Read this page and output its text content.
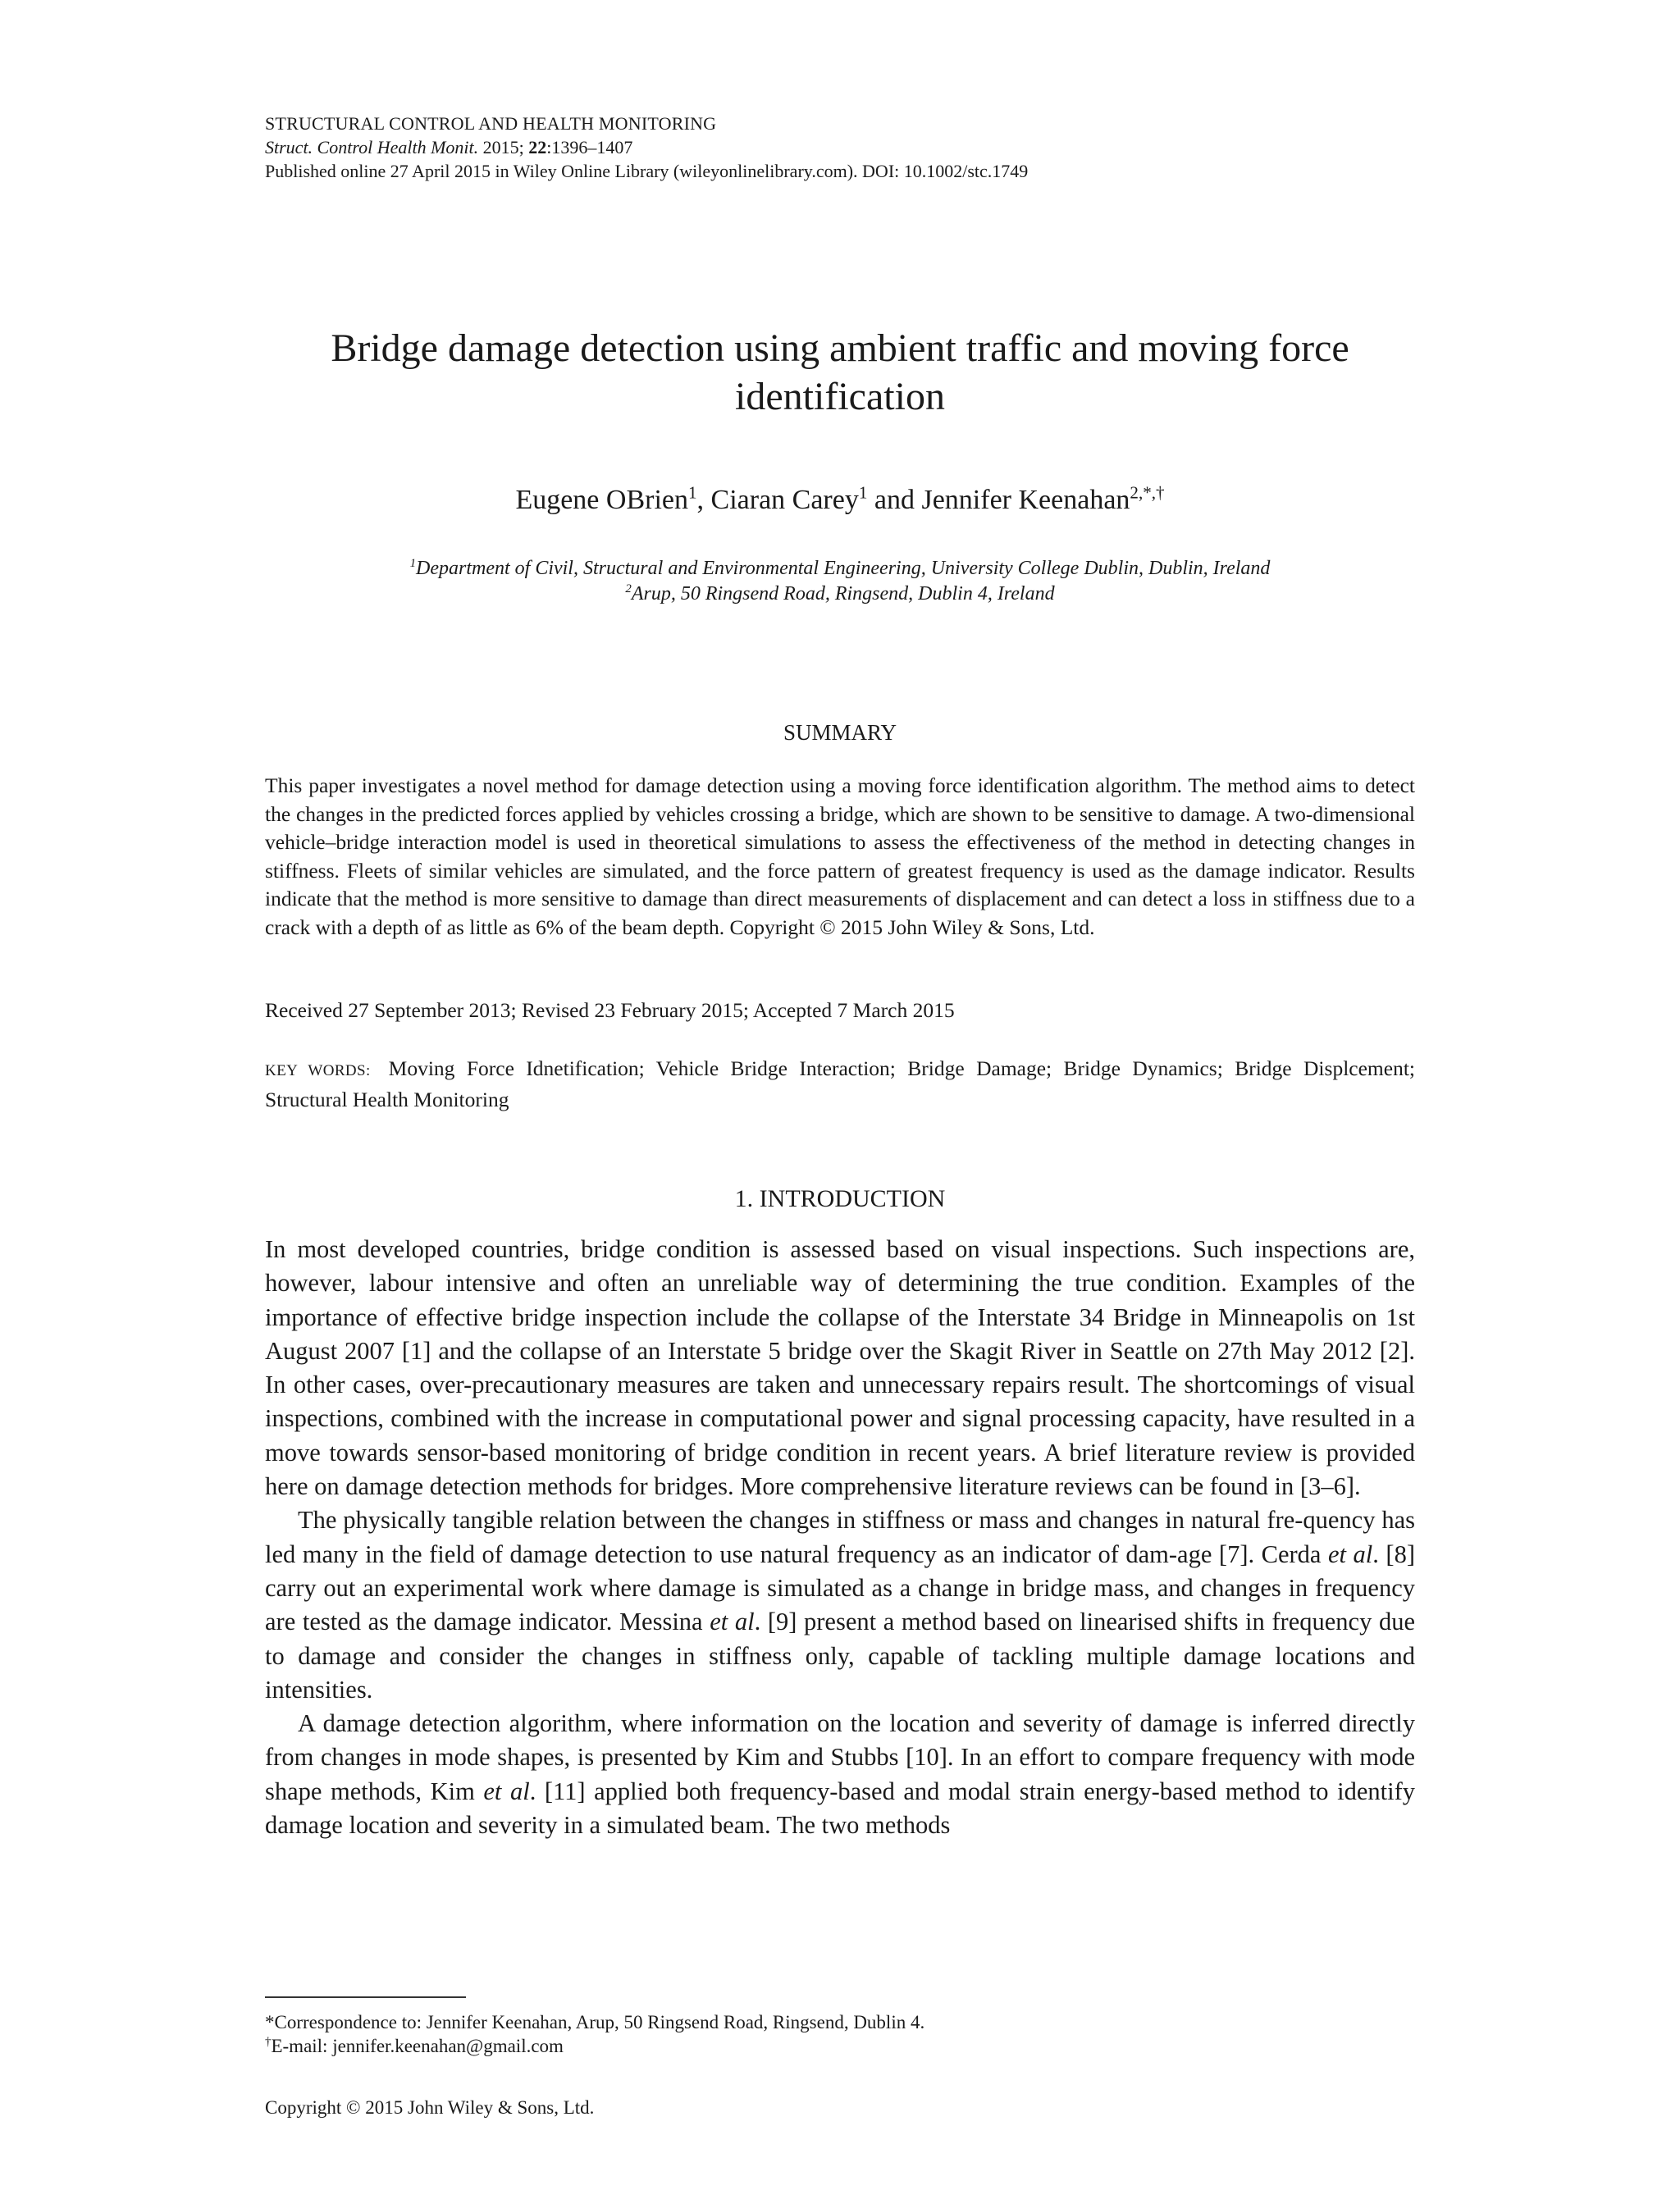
STRUCTURAL CONTROL AND HEALTH MONITORING
Struct. Control Health Monit. 2015; 22:1396–1407
Published online 27 April 2015 in Wiley Online Library (wileyonlinelibrary.com). DOI: 10.1002/stc.1749
Bridge damage detection using ambient traffic and moving force
identification
Eugene OBrien$^1$, Ciaran Carey$^1$ and Jennifer Keenahan$^{2,*,\dagger}$
$^1$Department of Civil, Structural and Environmental Engineering, University College Dublin, Dublin, Ireland
$^2$Arup, 50 Ringsend Road, Ringsend, Dublin 4, Ireland
SUMMARY
This paper investigates a novel method for damage detection using a moving force identification algorithm. The method aims to detect the changes in the predicted forces applied by vehicles crossing a bridge, which are shown to be sensitive to damage. A two-dimensional vehicle–bridge interaction model is used in theoretical simulations to assess the effectiveness of the method in detecting changes in stiffness. Fleets of similar vehicles are simulated, and the force pattern of greatest frequency is used as the damage indicator. Results indicate that the method is more sensitive to damage than direct measurements of displacement and can detect a loss in stiffness due to a crack with a depth of as little as 6% of the beam depth. Copyright © 2015 John Wiley & Sons, Ltd.
Received 27 September 2013; Revised 23 February 2015; Accepted 7 March 2015
KEY WORDS: Moving Force Idnetification; Vehicle Bridge Interaction; Bridge Damage; Bridge Dynamics; Bridge Displcement; Structural Health Monitoring
1. INTRODUCTION

In most developed countries, bridge condition is assessed based on visual inspections. Such inspections are, however, labour intensive and often an unreliable way of determining the true condition. Examples of the importance of effective bridge inspection include the collapse of the Interstate 34 Bridge in Minneapolis on 1st August 2007 [1] and the collapse of an Interstate 5 bridge over the Skagit River in Seattle on 27th May 2012 [2]. In other cases, over-precautionary measures are taken and unnecessary repairs result. The shortcomings of visual inspections, combined with the increase in computational power and signal processing capacity, have resulted in a move towards sensor-based monitoring of bridge condition in recent years. A brief literature review is provided here on damage detection methods for bridges. More comprehensive literature reviews can be found in [3–6].

The physically tangible relation between the changes in stiffness or mass and changes in natural fre-quency has led many in the field of damage detection to use natural frequency as an indicator of dam-age [7]. Cerda et al. [8] carry out an experimental work where damage is simulated as a change in bridge mass, and changes in frequency are tested as the damage indicator. Messina et al. [9] present a method based on linearised shifts in frequency due to damage and consider the changes in stiffness only, capable of tackling multiple damage locations and intensities.

A damage detection algorithm, where information on the location and severity of damage is inferred directly from changes in mode shapes, is presented by Kim and Stubbs [10]. In an effort to compare frequency with mode shape methods, Kim et al. [11] applied both frequency-based and modal strain energy-based method to identify damage location and severity in a simulated beam. The two methods

*Correspondence to: Jennifer Keenahan, Arup, 50 Ringsend Road, Ringsend, Dublin 4.
†E-mail: jennifer.keenahan@gmail.com
Copyright © 2015 John Wiley & Sons, Ltd.
